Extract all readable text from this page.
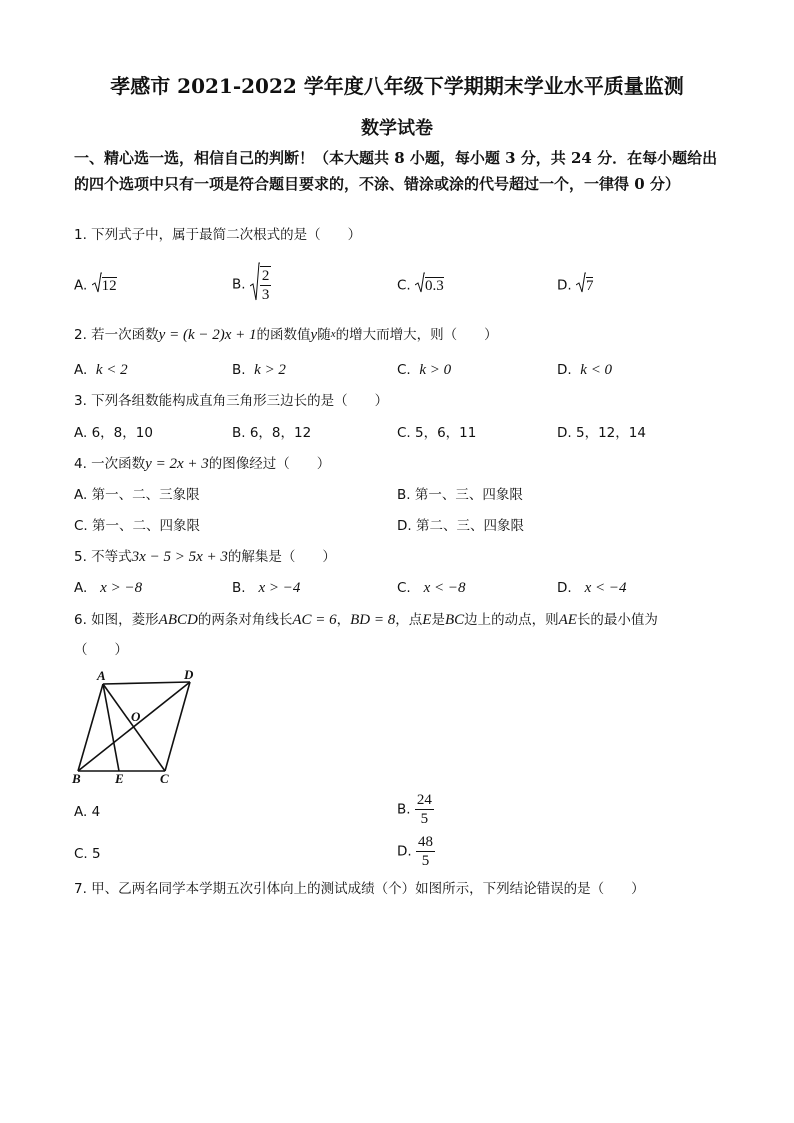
孝感市 2021-2022 学年度八年级下学期期末学业水平质量监测
数学试卷
一、精心选一选，相信自己的判断！（本大题共 8 小题，每小题 3 分，共 24 分．在每小题给出的四个选项中只有一项是符合题目要求的，不涂、错涂或涂的代号超过一个，一律得 0 分）
1. 下列式子中，属于最简二次根式的是（　　）
A. 12	B. $\frac{2}{3}$	C. 0.3	D. 7
2. 若一次函数y = (k − 2)x + 1的函数值y随x的增大而增大，则（　　）
A. k < 2	B. k > 2	C. k > 0	D. k < 0
3. 下列各组数能构成直角三角形三边长的是（　　）
A. 6，8，10	B. 6，8，12	C. 5，6，11	D. 5，12，14
4. 一次函数y = 2x + 3的图像经过（　　）
A. 第一、二、三象限	B. 第一、三、四象限
C. 第一、二、四象限	D. 第二、三、四象限
5. 不等式3x − 5 > 5x + 3的解集是（　　）
A. x > −8	B. x > −4	C. x < −8	D. x < −4
6. 如图，菱形ABCD的两条对角线长AC = 6，BD = 8，点E是BC边上的动点，则AE长的最小值为
（　　）
A	D
O
B	E	C
A. 4	B. $\frac{24}{5}$
C. 5	D. $\frac{48}{5}$
7. 甲、乙两名同学本学期五次引体向上的测试成绩（个）如图所示，下列结论错误的是（　　）
